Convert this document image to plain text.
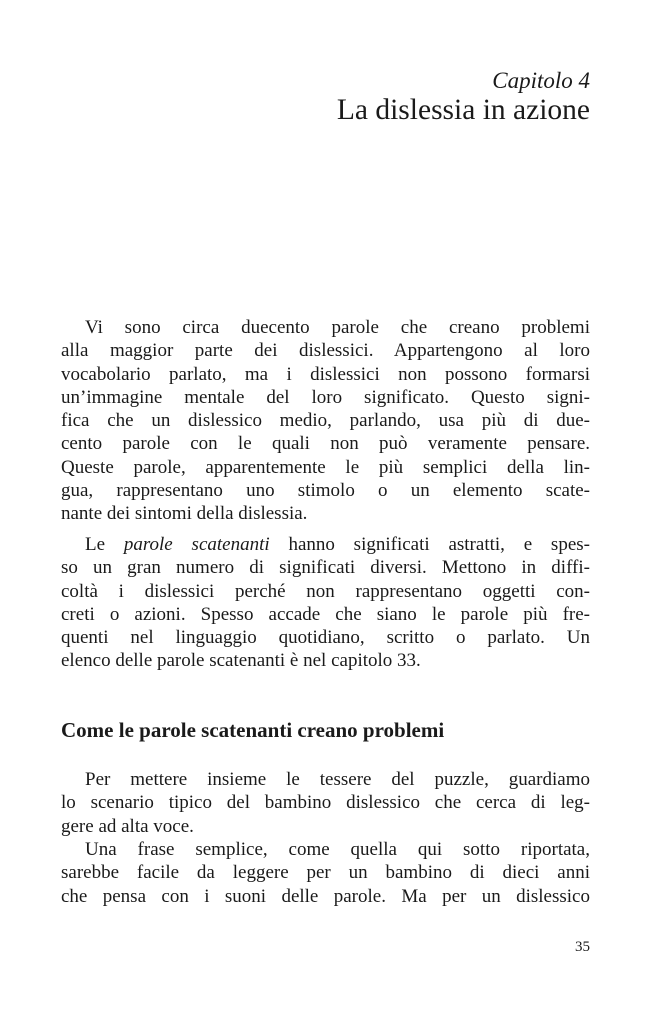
Capitolo 4
La dislessia in azione
Vi sono circa duecento parole che creano problemi
alla maggior parte dei dislessici. Appartengono al loro
vocabolario parlato, ma i dislessici non possono formarsi
un’immagine mentale del loro significato. Questo signi-
fica che un dislessico medio, parlando, usa più di due-
cento parole con le quali non può veramente pensare.
Queste parole, apparentemente le più semplici della lin-
gua, rappresentano uno stimolo o un elemento scate-
nante dei sintomi della dislessia.
Le parole scatenanti hanno significati astratti, e spes-
so un gran numero di significati diversi. Mettono in diffi-
coltà i dislessici perché non rappresentano oggetti con-
creti o azioni. Spesso accade che siano le parole più fre-
quenti nel linguaggio quotidiano, scritto o parlato. Un
elenco delle parole scatenanti è nel capitolo 33.
Come le parole scatenanti creano problemi
Per mettere insieme le tessere del puzzle, guardiamo
lo scenario tipico del bambino dislessico che cerca di leg-
gere ad alta voce.
Una frase semplice, come quella qui sotto riportata,
sarebbe facile da leggere per un bambino di dieci anni
che pensa con i suoni delle parole. Ma per un dislessico
35
